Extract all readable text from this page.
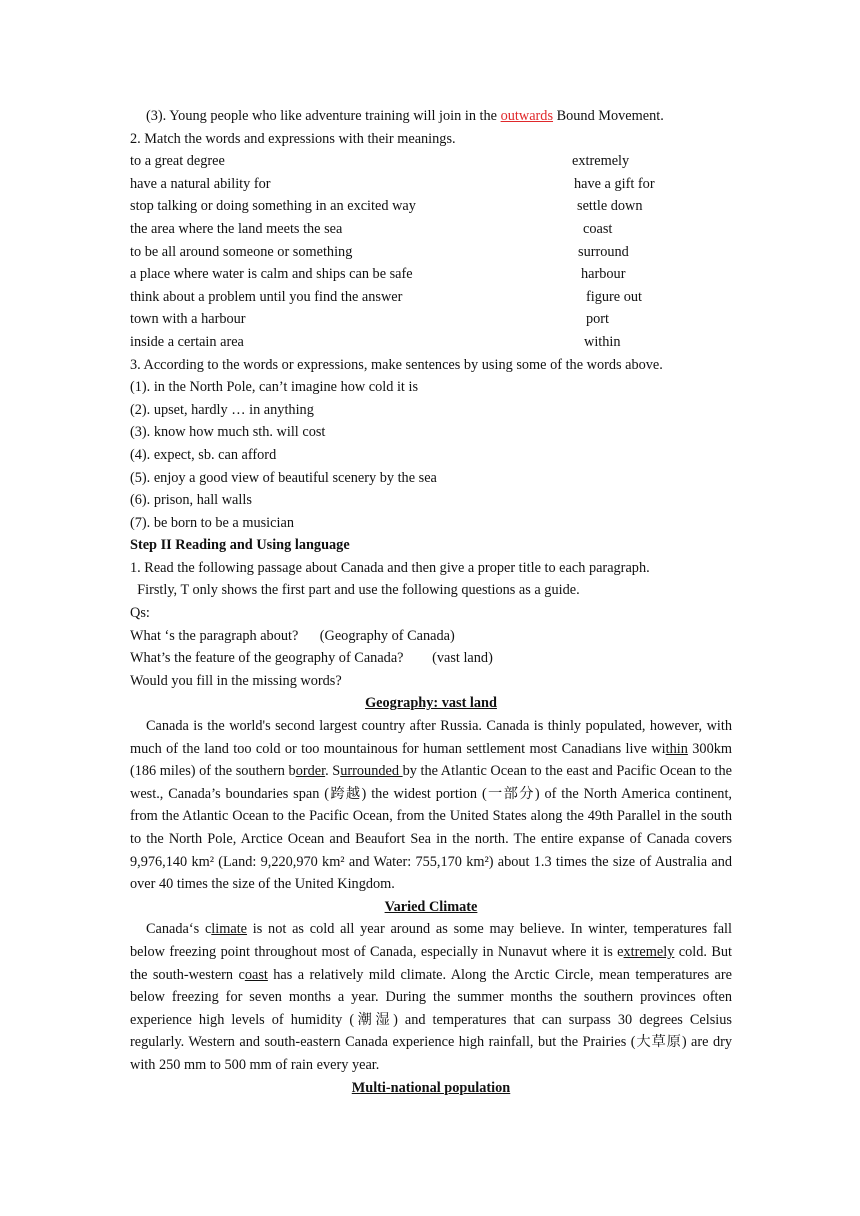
(3). Young people who like adventure training will join in the outwards Bound Movement.
2. Match the words and expressions with their meanings.
to a great degree	extremely
have a natural ability for	have a gift for
stop talking or doing something in an excited way	settle down
the area where the land meets the sea	coast
to be all around someone or something	surround
a place where water is calm and ships can be safe	harbour
think about a problem until you find the answer	figure out
town with a harbour	port
inside a certain area	within
3. According to the words or expressions, make sentences by using some of the words above.
(1). in the North Pole, can’t imagine how cold it is
(2). upset, hardly … in anything
(3). know how much sth. will cost
(4). expect, sb. can afford
(5). enjoy a good view of beautiful scenery by the sea
(6). prison, hall walls
(7). be born to be a musician
Step II Reading and Using language
1. Read the following passage about Canada and then give a proper title to each paragraph.
Firstly, T only shows the first part and use the following questions as a guide.
Qs:
What ‘s the paragraph about?      (Geography of Canada)
What’s the feature of the geography of Canada?        (vast land)
Would you fill in the missing words?
Geography: vast land

Canada is the world's second largest country after Russia. Canada is thinly populated, however, with much of the land too cold or too mountainous for human settlement most Canadians live within 300km (186 miles) of the southern border. Surrounded by the Atlantic Ocean to the east and Pacific Ocean to the west., Canada’s boundaries span (跨越) the widest portion (一部分) of the North America continent, from the Atlantic Ocean to the Pacific Ocean, from the United States along the 49th Parallel in the south to the North Pole, Arctice Ocean and Beaufort Sea in the north. The entire expanse of Canada covers 9,976,140 km² (Land: 9,220,970 km² and Water: 755,170 km²) about 1.3 times the size of Australia and over 40 times the size of the United Kingdom.

Varied Climate

Canada‘s climate is not as cold all year around as some may believe. In winter, temperatures fall below freezing point throughout most of Canada, especially in Nunavut where it is extremely cold. But the south-western coast has a relatively mild climate. Along the Arctic Circle, mean temperatures are below freezing for seven months a year. During the summer months the southern provinces often experience high levels of humidity (潮湿) and temperatures that can surpass 30 degrees Celsius regularly. Western and south-eastern Canada experience high rainfall, but the Prairies (大草原) are dry with 250 mm to 500 mm of rain every year.

Multi-national population
